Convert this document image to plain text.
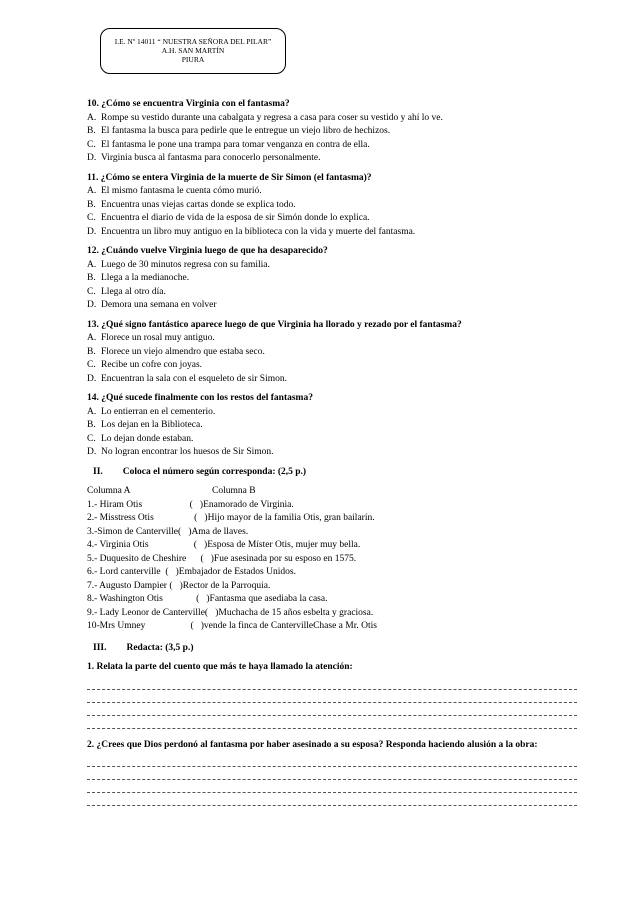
I.E. Nº 14011 “ NUESTRA SEÑORA DEL PILAR”
A.H. SAN MARTÍN
PIURA
10. ¿Cómo se encuentra Virginia con el fantasma?
A. Rompe su vestido durante una cabalgata y regresa a casa para coser su vestido y ahí lo ve.
B. El fantasma la busca para pedirle que le entregue un viejo libro de hechizos.
C. El fantasma le pone una trampa para tomar venganza en contra de ella.
D. Virginia busca al fantasma para conocerlo personalmente.
11. ¿Cómo se entera Virginia de la muerte de Sir Simon (el fantasma)?
A. El mismo fantasma le cuenta cómo murió.
B. Encuentra unas viejas cartas donde se explica todo.
C. Encuentra el diario de vida de la esposa de sir Simón donde lo explica.
D. Encuentra un libro muy antiguo en la biblioteca con la vida y muerte del fantasma.
12. ¿Cuándo vuelve Virginia luego de que ha desaparecido?
A. Luego de 30 minutos regresa con su familia.
B. Llega a la medianoche.
C. Llega al otro día.
D. Demora una semana en volver
13. ¿Qué signo fantástico aparece luego de que Virginia ha llorado y rezado por el fantasma?
A. Florece un rosal muy antiguo.
B. Florece un viejo almendro que estaba seco.
C. Recibe un cofre con joyas.
D. Encuentran la sala con el esqueleto de sir Simon.
14. ¿Qué sucede finalmente con los restos del fantasma?
A. Lo entierran en el cementerio.
B. Los dejan en la Biblioteca.
C. Lo dejan donde estaban.
D. No logran encontrar los huesos de Sir Simon.
II. Coloca el número según corresponda: (2,5 p.)
Columna A	Columna B
1.- Hiram Otis                    (   )Enamorado de Virginia.
2.- Misstress Otis                 (   )Hijo mayor de la familia Otis, gran bailarín.
3.-Simon de Canterville(   )Ama de llaves.
4.- Virginia Otis                   (   )Esposa de Míster Otis, mujer muy bella.
5.- Duquesito de Cheshire      (   )Fue asesinada por su esposo en 1575.
6.- Lord canterville  (   )Embajador de Estados Unidos.
7.- Augusto Dampier (   )Rector de la Parroquia.
8.- Washington Otis              (   )Fantasma que asediaba la casa.
9.- Lady Leonor de Canterville(   )Muchacha de 15 años esbelta y graciosa.
10-Mrs Umney                   (   )vende la finca de CantervilleChase a Mr. Otis
III. Redacta: (3,5 p.)
1. Relata la parte del cuento que más te haya llamado la atención:
2. ¿Crees que Dios perdonó al fantasma por haber asesinado a su esposa? Responda haciendo alusión a la obra:
